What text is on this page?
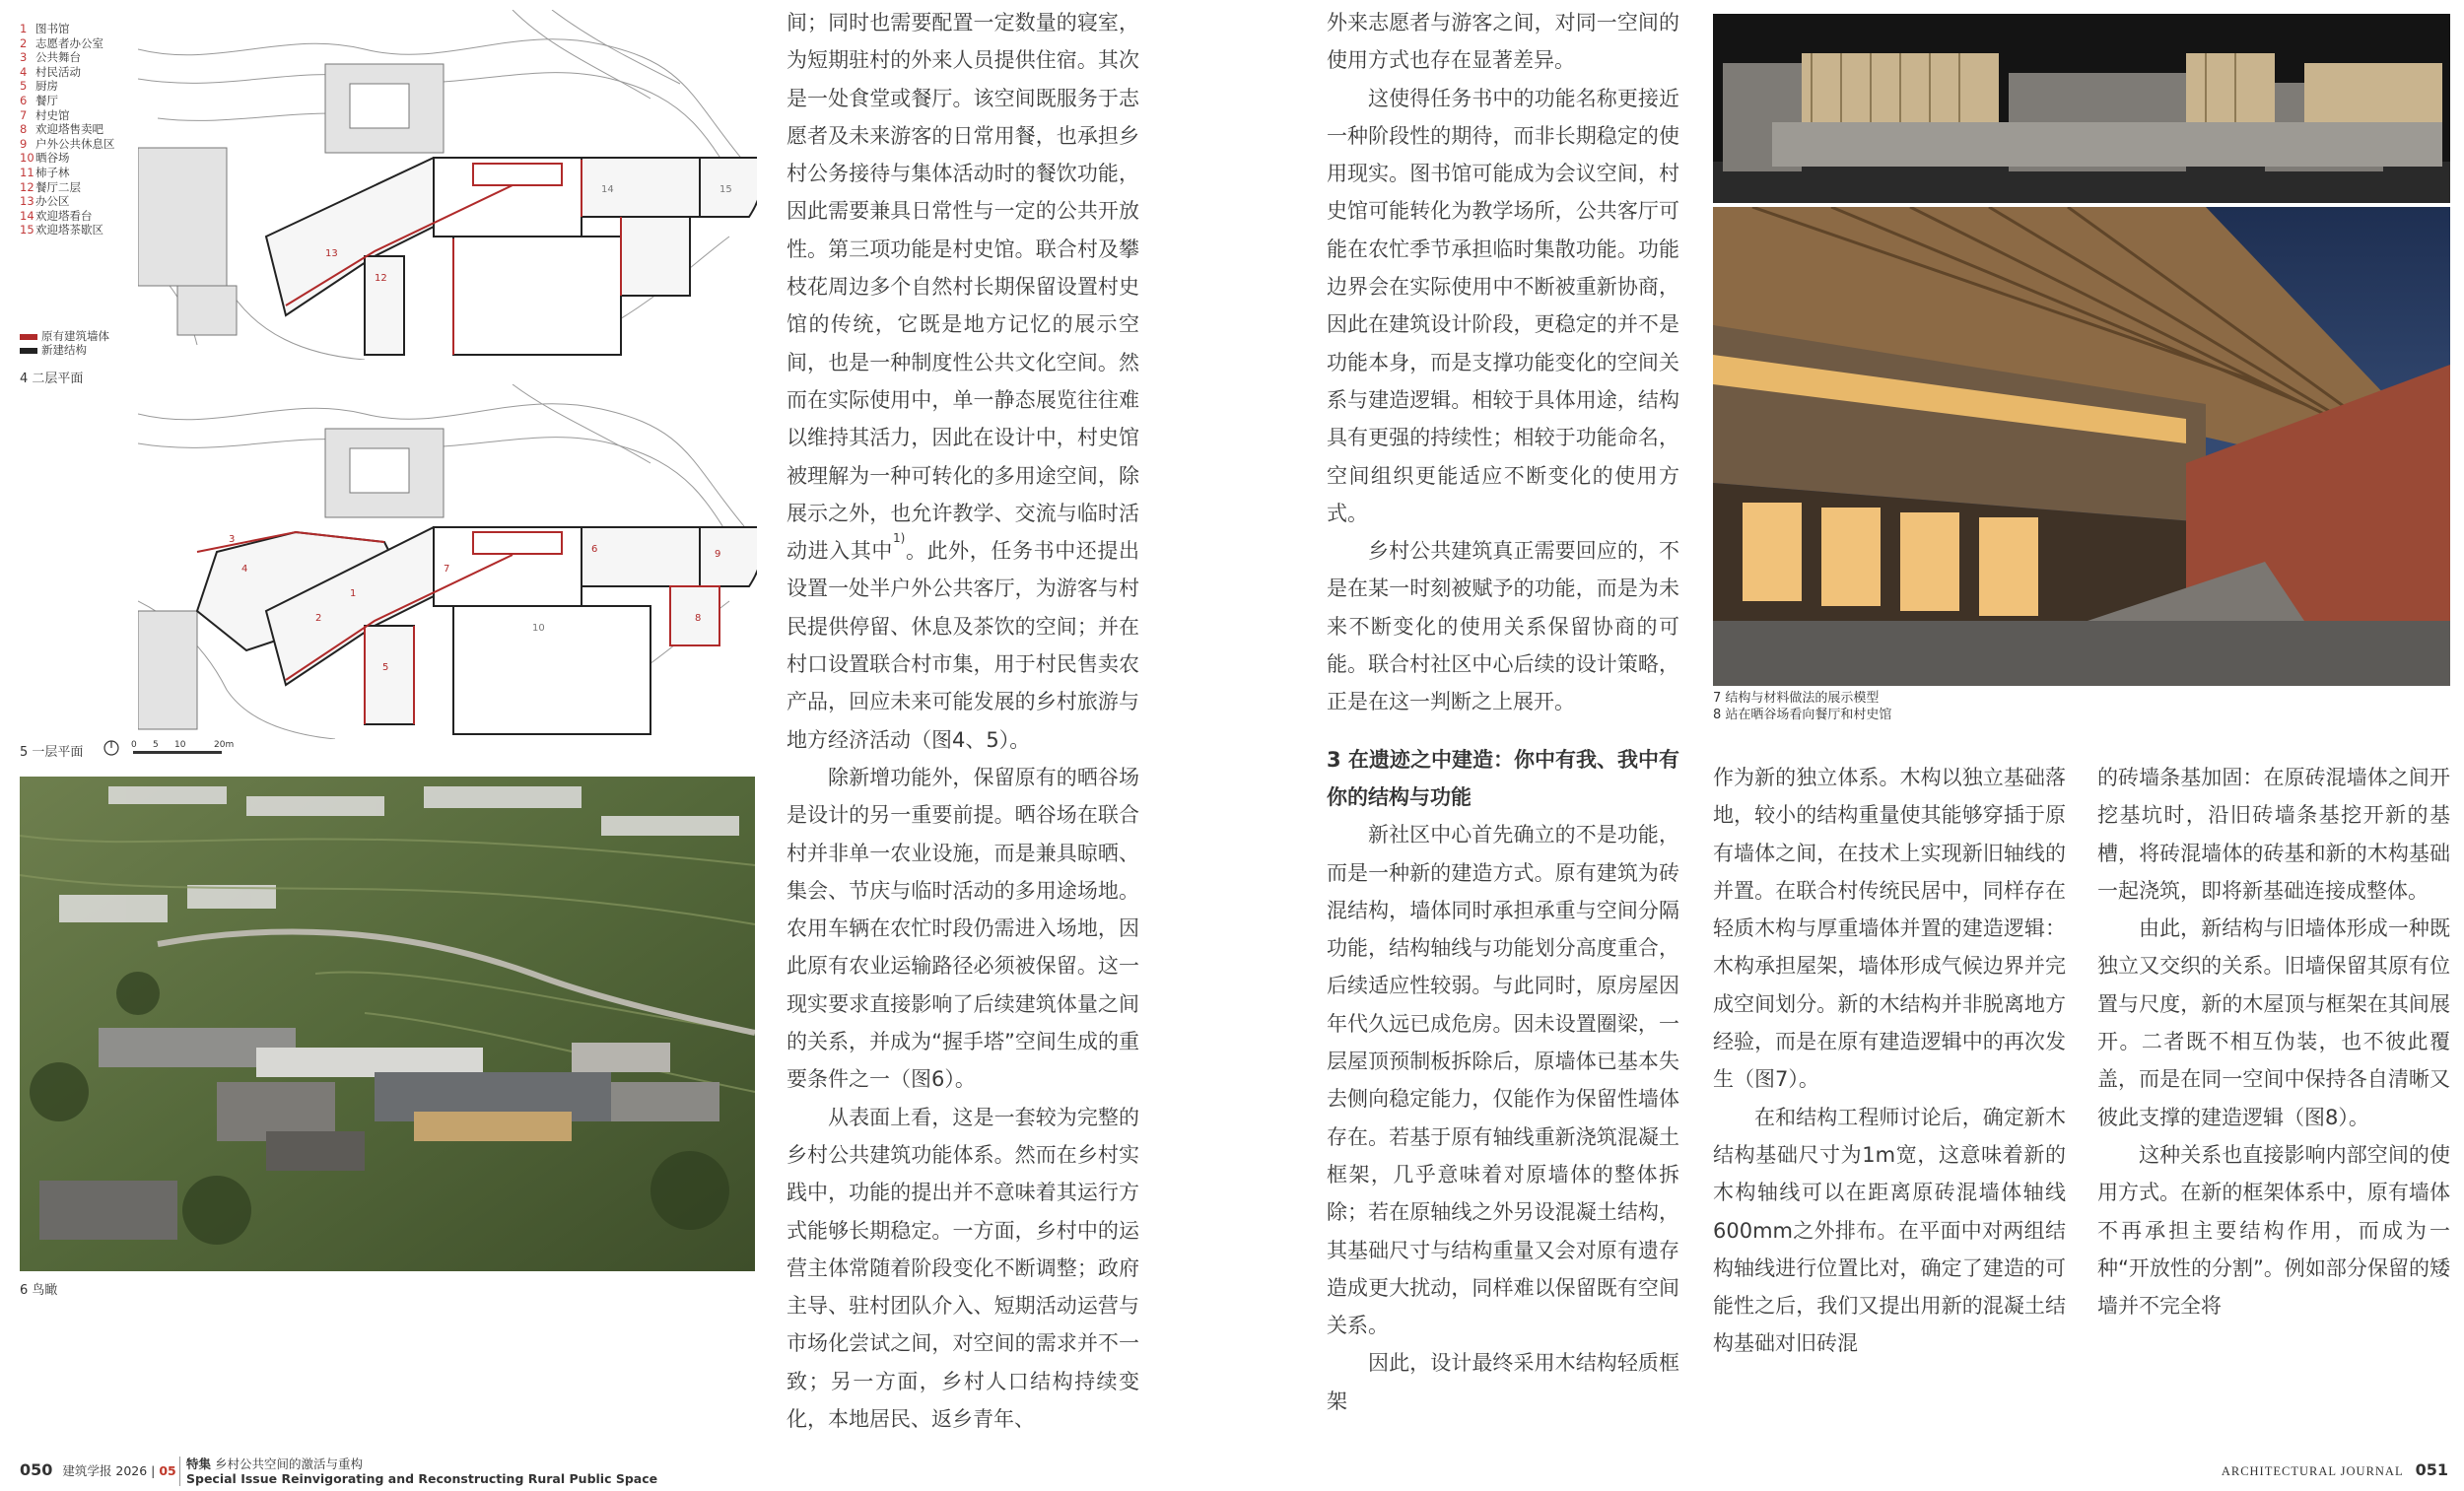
1 图书馆
2 志愿者办公室
3 公共舞台
4 村民活动
5 厨房
6 餐厅
7 村史馆
8 欢迎塔售卖吧
9 户外公共休息区
10晒谷场
11柿子林
12餐厅二层
13办公区
14欢迎塔看台
15欢迎塔茶歇区
原有建筑墙体
新建结构
4 二层平面
13
12
14	15
3
4
2
1
7
6
8
9
10
5
5 一层平面	0 5 10	20m
6 鸟瞰

间；同时也需要配置一定数量的寝室，为短期驻村的外来人员提供住宿。其次是一处食堂或餐厅。该空间既服务于志愿者及未来游客的日常用餐，也承担乡村公务接待与集体活动时的餐饮功能，因此需要兼具日常性与一定的公共开放性。第三项功能是村史馆。联合村及攀枝花周边多个自然村长期保留设置村史馆的传统，它既是地方记忆的展示空间，也是一种制度性公共文化空间。然而在实际使用中，单一静态展览往往难以维持其活力，因此在设计中，村史馆被理解为一种可转化的多用途空间，除展示之外，也允许教学、交流与临时活动进入其中$^{1)}$。此外，任务书中还提出设置一处半户外公共客厅，为游客与村民提供停留、休息及茶饮的空间；并在村口设置联合村市集，用于村民售卖农产品，回应未来可能发展的乡村旅游与地方经济活动（图4、5）。

除新增功能外，保留原有的晒谷场是设计的另一重要前提。晒谷场在联合村并非单一农业设施，而是兼具晾晒、集会、节庆与临时活动的多用途场地。农用车辆在农忙时段仍需进入场地，因此原有农业运输路径必须被保留。这一现实要求直接影响了后续建筑体量之间的关系，并成为“握手塔”空间生成的重要条件之一（图6）。

从表面上看，这是一套较为完整的乡村公共建筑功能体系。然而在乡村实践中，功能的提出并不意味着其运行方式能够长期稳定。一方面，乡村中的运营主体常随着阶段变化不断调整；政府主导、驻村团队介入、短期活动运营与市场化尝试之间，对空间的需求并不一致；另一方面，乡村人口结构持续变化，本地居民、返乡青年、

外来志愿者与游客之间，对同一空间的使用方式也存在显著差异。

这使得任务书中的功能名称更接近一种阶段性的期待，而非长期稳定的使用现实。图书馆可能成为会议空间，村史馆可能转化为教学场所，公共客厅可能在农忙季节承担临时集散功能。功能边界会在实际使用中不断被重新协商，因此在建筑设计阶段，更稳定的并不是功能本身，而是支撑功能变化的空间关系与建造逻辑。相较于具体用途，结构具有更强的持续性；相较于功能命名，空间组织更能适应不断变化的使用方式。

乡村公共建筑真正需要回应的，不是在某一时刻被赋予的功能，而是为未来不断变化的使用关系保留协商的可能。联合村社区中心后续的设计策略，正是在这一判断之上展开。

3 在遗迹之中建造：你中有我、我中有你的结构与功能

新社区中心首先确立的不是功能，而是一种新的建造方式。原有建筑为砖混结构，墙体同时承担承重与空间分隔功能，结构轴线与功能划分高度重合，后续适应性较弱。与此同时，原房屋因年代久远已成危房。因未设置圈梁，一层屋顶预制板拆除后，原墙体已基本失去侧向稳定能力，仅能作为保留性墙体存在。若基于原有轴线重新浇筑混凝土框架，几乎意味着对原墙体的整体拆除；若在原轴线之外另设混凝土结构，其基础尺寸与结构重量又会对原有遗存造成更大扰动，同样难以保留既有空间关系。

因此，设计最终采用木结构轻质框架

作为新的独立体系。木构以独立基础落地，较小的结构重量使其能够穿插于原有墙体之间，在技术上实现新旧轴线的并置。在联合村传统民居中，同样存在轻质木构与厚重墙体并置的建造逻辑：木构承担屋架，墙体形成气候边界并完成空间划分。新的木结构并非脱离地方经验，而是在原有建造逻辑中的再次发生（图7）。

在和结构工程师讨论后，确定新木结构基础尺寸为1m宽，这意味着新的木构轴线可以在距离原砖混墙体轴线600mm之外排布。在平面中对两组结构轴线进行位置比对，确定了建造的可能性之后，我们又提出用新的混凝土结构基础对旧砖混

的砖墙条基加固：在原砖混墙体之间开挖基坑时，沿旧砖墙条基挖开新的基槽，将砖混墙体的砖基和新的木构基础一起浇筑，即将新基础连接成整体。

由此，新结构与旧墙体形成一种既独立又交织的关系。旧墙保留其原有位置与尺度，新的木屋顶与框架在其间展开。二者既不相互伪装，也不彼此覆盖，而是在同一空间中保持各自清晰又彼此支撑的建造逻辑（图8）。

这种关系也直接影响内部空间的使用方式。在新的框架体系中，原有墙体不再承担主要结构作用，而成为一种“开放性的分割”。例如部分保留的矮墙并不完全将

7 结构与材料做法的展示模型
8 站在晒谷场看向餐厅和村史馆
050 建筑学报 2026 | 05 特集 乡村公共空间的激活与重构
Special Issue Reinvigorating and Reconstructing Rural Public Space	ARCHITECTURAL JOURNAL 051
